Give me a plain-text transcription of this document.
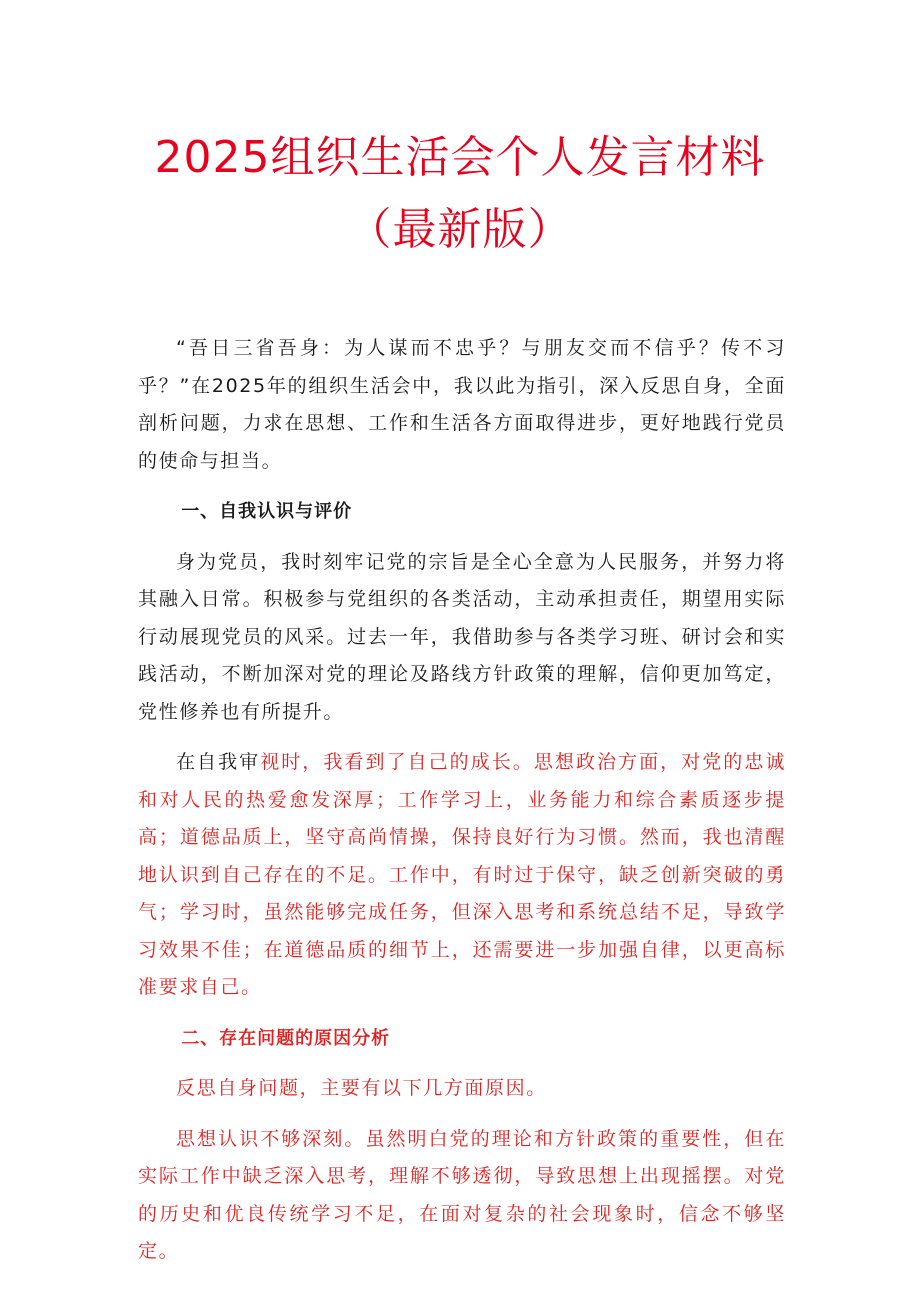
2025组织生活会个人发言材料
（最新版）

“吾日三省吾身：为人谋而不忠乎？与朋友交而不信乎？传不习乎？”在2025年的组织生活会中，我以此为指引，深入反思自身，全面剖析问题，力求在思想、工作和生活各方面取得进步，更好地践行党员的使命与担当。

一、自我认识与评价

身为党员，我时刻牢记党的宗旨是全心全意为人民服务，并努力将其融入日常。积极参与党组织的各类活动，主动承担责任，期望用实际行动展现党员的风采。过去一年，我借助参与各类学习班、研讨会和实践活动，不断加深对党的理论及路线方针政策的理解，信仰更加笃定，党性修养也有所提升。

在自我审视时，我看到了自己的成长。思想政治方面，对党的忠诚和对人民的热爱愈发深厚；工作学习上，业务能力和综合素质逐步提高；道德品质上，坚守高尚情操，保持良好行为习惯。然而，我也清醒地认识到自己存在的不足。工作中，有时过于保守，缺乏创新突破的勇气；学习时，虽然能够完成任务，但深入思考和系统总结不足，导致学习效果不佳；在道德品质的细节上，还需要进一步加强自律，以更高标准要求自己。

二、存在问题的原因分析

反思自身问题，主要有以下几方面原因。

思想认识不够深刻。虽然明白党的理论和方针政策的重要性，但在实际工作中缺乏深入思考，理解不够透彻，导致思想上出现摇摆。对党的历史和优良传统学习不足，在面对复杂的社会现象时，信念不够坚定。
